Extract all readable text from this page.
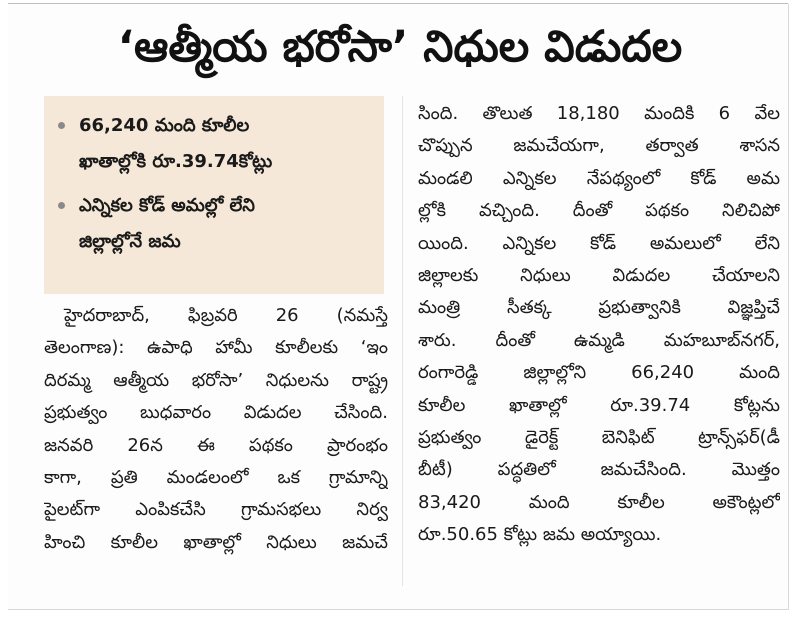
‘ఆత్మీయ భరోసా’ నిధుల విడుదల
66,240 మంది కూలీల
ఖాతాల్లోకి రూ.39.74కోట్లు
ఎన్నికల కోడ్ అమల్లో లేని
జిల్లాల్లోనే జమ
హైదరాబాద్, ఫిబ్రవరి 26 (నమస్తే
తెలంగాణ): ఉపాధి హామీ కూలీలకు ‘ఇం
దిరమ్మ ఆత్మీయ భరోసా’ నిధులను రాష్ట్ర
ప్రభుత్వం బుధవారం విడుదల చేసింది.
జనవరి 26న ఈ పథకం ప్రారంభం
కాగా, ప్రతి మండలంలో ఒక గ్రామాన్ని
పైలట్‌గా ఎంపికచేసి గ్రామసభలు నిర్వ
హించి కూలీల ఖాతాల్లో నిధులు జమచే
సింది. తొలుత 18,180 మందికి 6 వేల
చొప్పున జమచేయగా, తర్వాత శాసన
మండలి ఎన్నికల నేపథ్యంలో కోడ్ అమ
ల్లోకి వచ్చింది. దీంతో పథకం నిలిచిపో
యింది. ఎన్నికల కోడ్ అమలులో లేని
జిల్లాలకు నిధులు విడుదల చేయాలని
మంత్రి సీతక్క ప్రభుత్వానికి విజ్ఞప్తిచే
శారు. దీంతో ఉమ్మడి మహబూబ్‌నగర్,
రంగారెడ్డి జిల్లాల్లోని 66,240 మంది
కూలీల ఖాతాల్లో రూ.39.74 కోట్లను
ప్రభుత్వం డైరెక్ట్ బెనిఫిట్ ట్రాన్స్‌ఫర్(డీ
బీటీ) పద్ధతిలో జమచేసింది. మొత్తం
83,420 మంది కూలీల అకౌంట్లలో
రూ.50.65 కోట్లు జమ అయ్యాయి.
